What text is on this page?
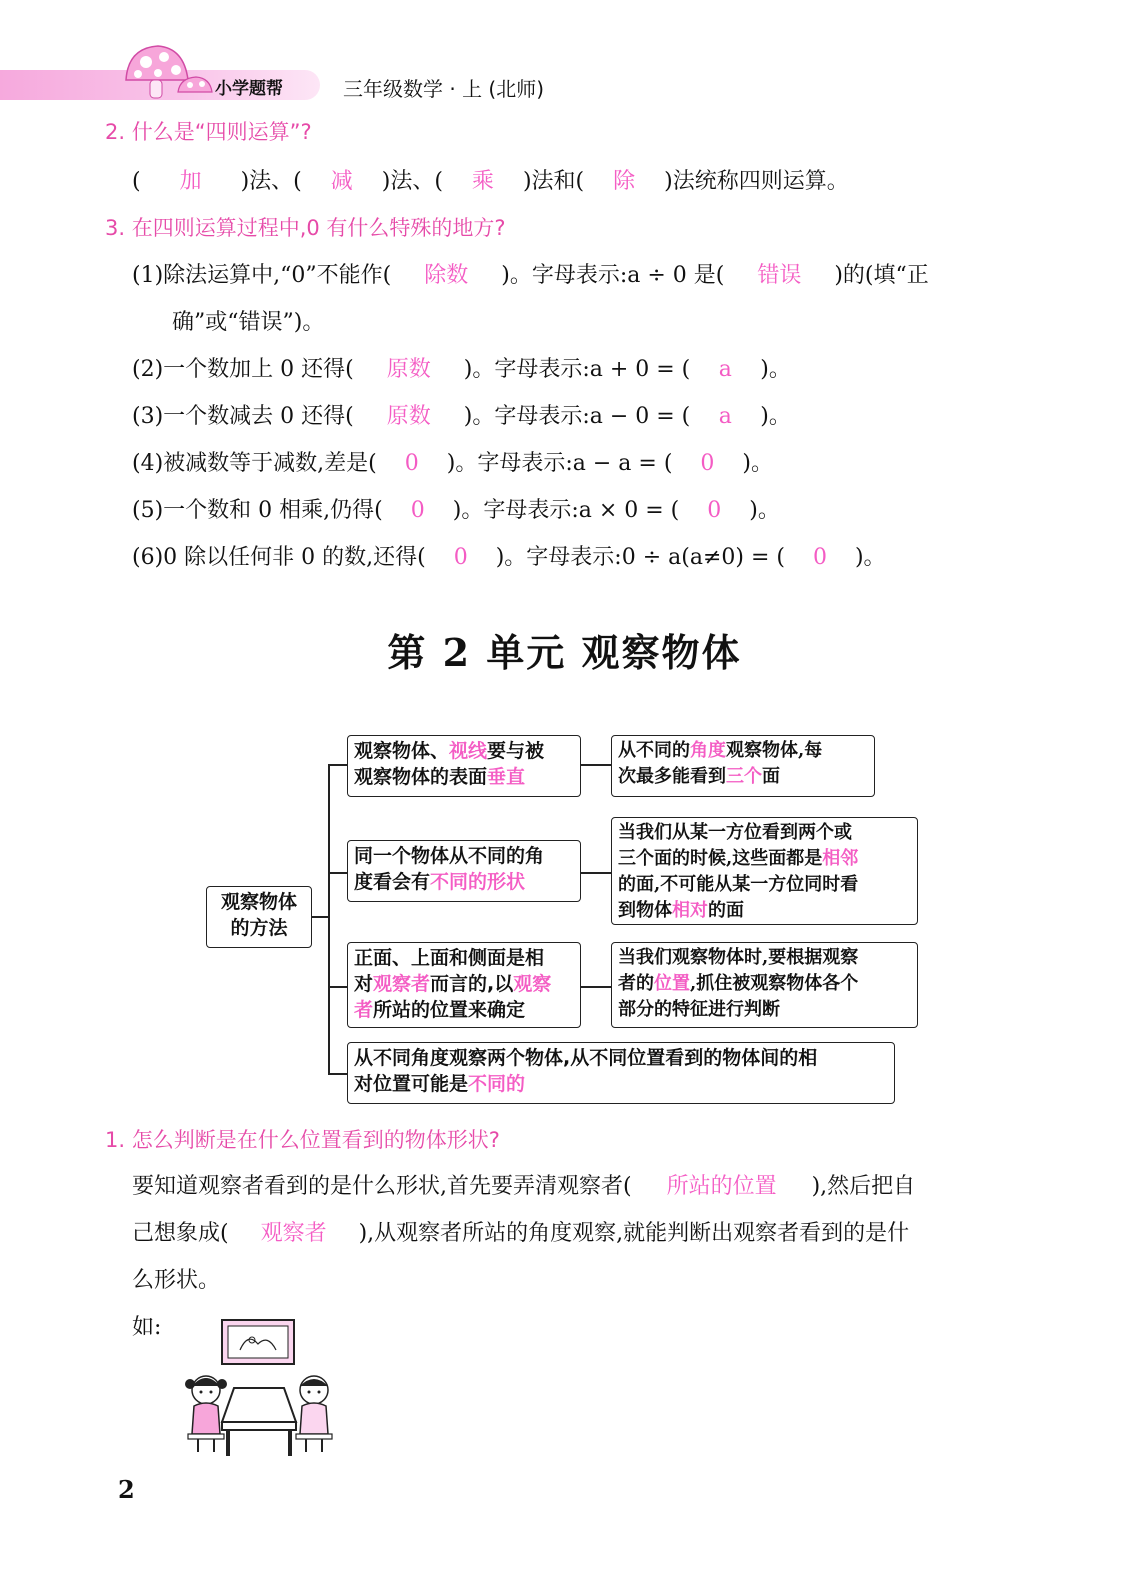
小学题帮	三年级数学 · 上 (北师)
2. 什么是“四则运算”?
( 加 )法、( 减 )法、( 乘 )法和( 除 )法统称四则运算。
3. 在四则运算过程中,0 有什么特殊的地方?
(1)除法运算中,“0”不能作( 除数 )。字母表示:a ÷ 0 是( 错误 )的(填“正
确”或“错误”)。
(2)一个数加上 0 还得( 原数 )。字母表示:a + 0 = ( a )。
(3)一个数减去 0 还得( 原数 )。字母表示:a − 0 = ( a )。
(4)被减数等于减数,差是( 0 )。字母表示:a − a = ( 0 )。
(5)一个数和 0 相乘,仍得( 0 )。字母表示:a × 0 = ( 0 )。
(6)0 除以任何非 0 的数,还得( 0 )。字母表示:0 ÷ a(a≠0) = ( 0 )。
第 2 单元 观察物体
观察物体
的方法
观察物体、视线要与被
观察物体的表面垂直
同一个物体从不同的角
度看会有不同的形状
正面、上面和侧面是相
对观察者而言的,以观察
者所站的位置来确定
从不同角度观察两个物体,从不同位置看到的物体间的相
对位置可能是不同的
从不同的角度观察物体,每
次最多能看到三个面
当我们从某一方位看到两个或
三个面的时候,这些面都是相邻
的面,不可能从某一方位同时看
到物体相对的面
当我们观察物体时,要根据观察
者的位置,抓住被观察物体各个
部分的特征进行判断
1. 怎么判断是在什么位置看到的物体形状?
要知道观察者看到的是什么形状,首先要弄清观察者( 所站的位置 ),然后把自
己想象成( 观察者 ),从观察者所站的角度观察,就能判断出观察者看到的是什
么形状。
如:
2
